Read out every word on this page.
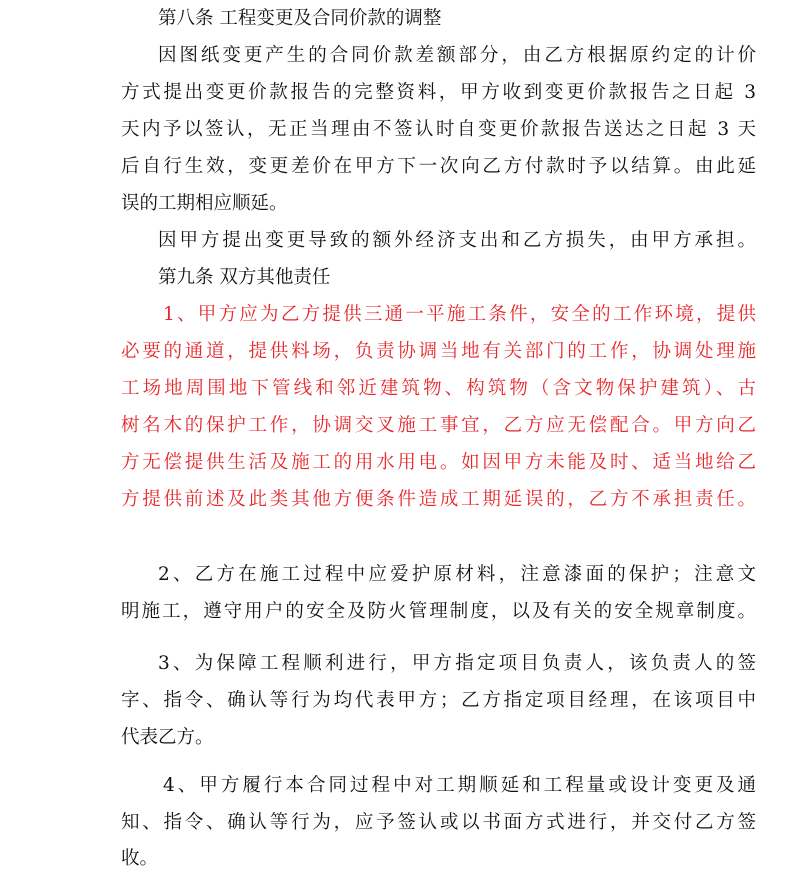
第八条 工程变更及合同价款的调整
因图纸变更产生的合同价款差额部分，由乙方根据原约定的计价
方式提出变更价款报告的完整资料，甲方收到变更价款报告之日起 3
天内予以签认，无正当理由不签认时自变更价款报告送达之日起 3 天
后自行生效，变更差价在甲方下一次向乙方付款时予以结算。由此延
误的工期相应顺延。
因甲方提出变更导致的额外经济支出和乙方损失，由甲方承担。
第九条 双方其他责任
1、甲方应为乙方提供三通一平施工条件，安全的工作环境，提供
必要的通道，提供料场，负责协调当地有关部门的工作，协调处理施
工场地周围地下管线和邻近建筑物、构筑物（含文物保护建筑）、古
树名木的保护工作，协调交叉施工事宜，乙方应无偿配合。甲方向乙
方无偿提供生活及施工的用水用电。如因甲方未能及时、适当地给乙
方提供前述及此类其他方便条件造成工期延误的，乙方不承担责任。
2、乙方在施工过程中应爱护原材料，注意漆面的保护；注意文
明施工，遵守用户的安全及防火管理制度，以及有关的安全规章制度。
3、为保障工程顺利进行，甲方指定项目负责人，该负责人的签
字、指令、确认等行为均代表甲方；乙方指定项目经理，在该项目中
代表乙方。
4、甲方履行本合同过程中对工期顺延和工程量或设计变更及通
知、指令、确认等行为，应予签认或以书面方式进行，并交付乙方签
收。
